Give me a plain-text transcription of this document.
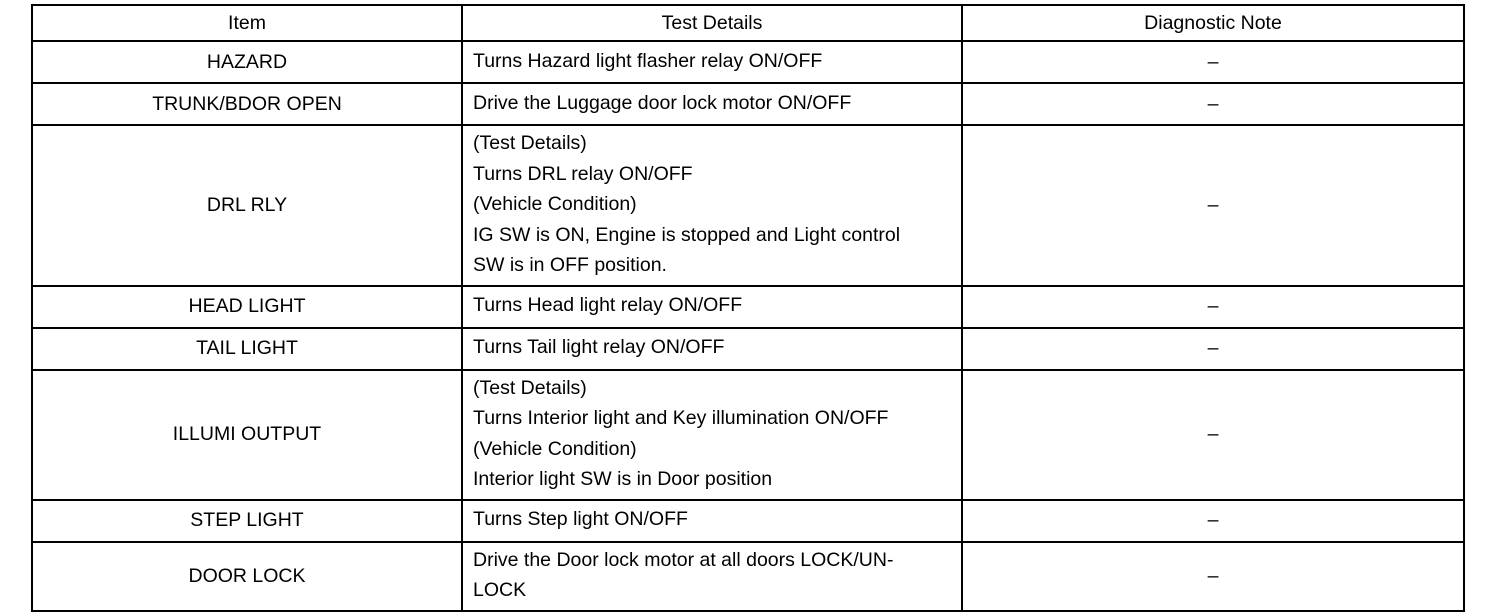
Item	Test Details	Diagnostic Note
HAZARD	Turns Hazard light flasher relay ON/OFF	–
TRUNK/BDOR OPEN	Drive the Luggage door lock motor ON/OFF	–
DRL RLY	(Test Details)
Turns DRL relay ON/OFF
(Vehicle Condition)
IG SW is ON, Engine is stopped and Light control
SW is in OFF position.	–
HEAD LIGHT	Turns Head light relay ON/OFF	–
TAIL LIGHT	Turns Tail light relay ON/OFF	–
ILLUMI OUTPUT	(Test Details)
Turns Interior light and Key illumination ON/OFF
(Vehicle Condition)
Interior light SW is in Door position	–
STEP LIGHT	Turns Step light ON/OFF	–
DOOR LOCK	Drive the Door lock motor at all doors LOCK/UN-
LOCK	–
